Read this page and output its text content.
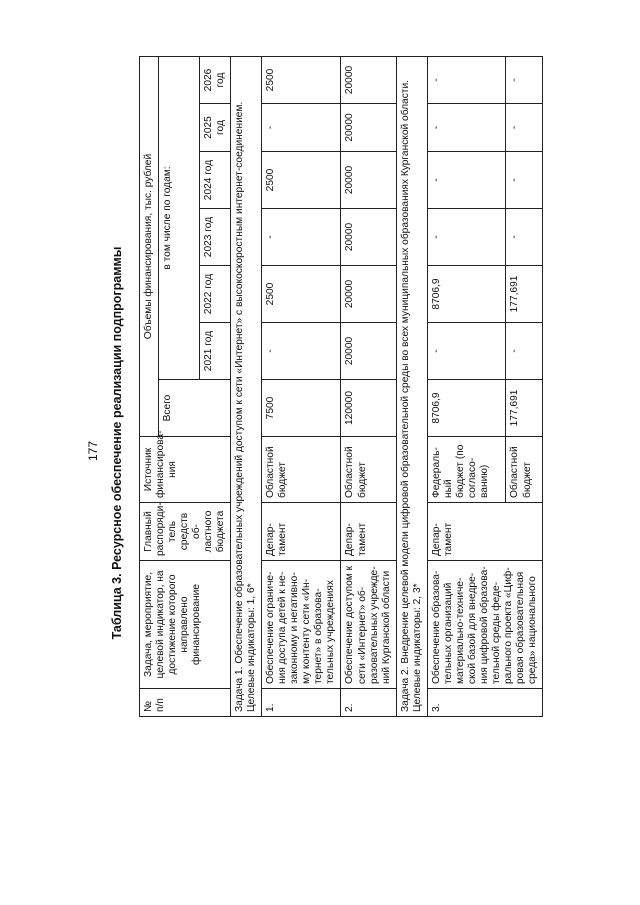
177 Таблица 3. Ресурсное обеспечение реализации подпрограммы
№ п/п	Задача, мероприятие, целевой индикатор, на достижение которого направлено финансирование	Главный распоряди-тель средств об-ластного бюджета	Источник финансирова-ния	Объемы финансирования, тыс. рублей						
				Всего	в том числе по годам:					
					2021 год	2022 год	2023 год	2024 год	2025 год	2026 год

Задача 1. Обеспечение образовательных учреждений доступом к сети «Интернет» с высокоскоростным интернет-соединением. Целевые индикаторы: 1, 6*										

1.	Обеспечение ограниче-ния доступа детей к не-законному и негативно-му контенту сети «Ин-тернет» в образова-тельных учреждениях	Депар-тамент	Областной бюджет	7500	-	2500	-	2500	-	2500
2.	Обеспечение доступом к сети «Интернет» об-разовательных учрежде-ний Курганской области	Депар-тамент	Областной бюджет	120000	20000	20000	20000	20000	20000	20000

Задача 2. Внедрение целевой модели цифровой образовательной среды во всех муниципальных образованиях Курганской области. Целевые индикаторы: 2, 3*										

3.	Обеспечение образова-тельных организаций материально-техниче-ской базой для внедре-ния цифровой образова-тельной среды феде-рального проекта «Циф-ровая образовательная среда» национального	Депар-тамент	Федераль-ный бюджет (по согласо-ванию)	8706,9	-	8706,9	-	-	-	-
			Областной бюджет	177,691	-	177,691	-	-	-	-
